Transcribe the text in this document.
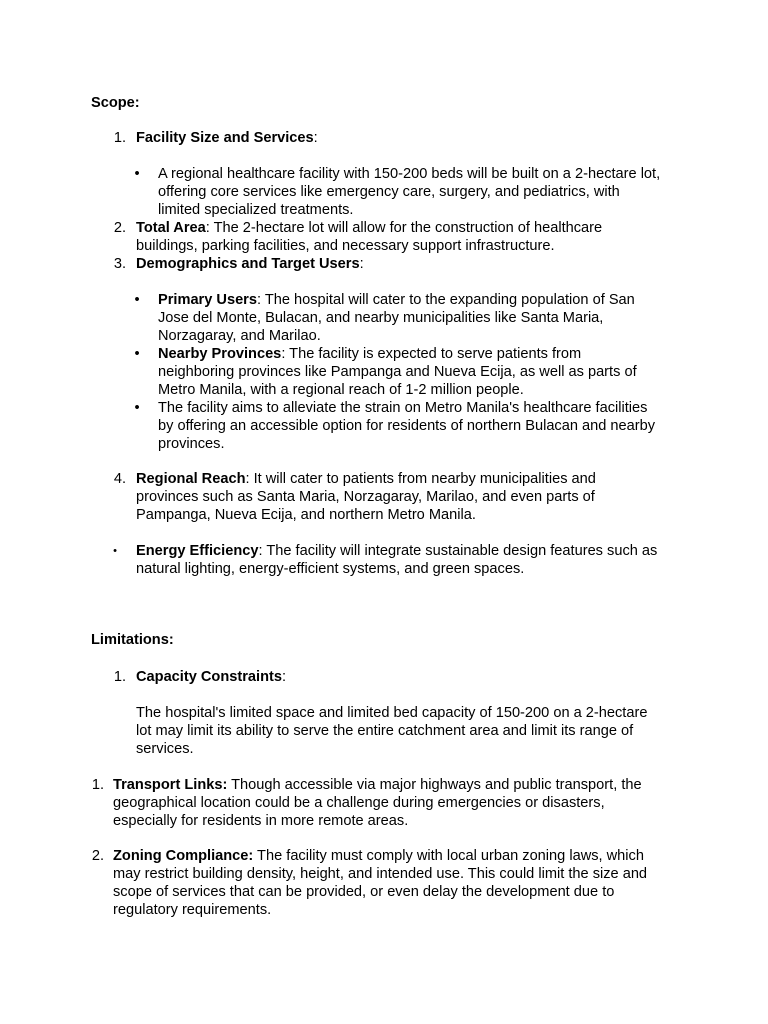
Scope:
1. Facility Size and Services:
• A regional healthcare facility with 150-200 beds will be built on a 2-hectare lot,
offering core services like emergency care, surgery, and pediatrics, with
limited specialized treatments.
2. Total Area: The 2-hectare lot will allow for the construction of healthcare
buildings, parking facilities, and necessary support infrastructure.
3. Demographics and Target Users:
• Primary Users: The hospital will cater to the expanding population of San
Jose del Monte, Bulacan, and nearby municipalities like Santa Maria,
Norzagaray, and Marilao.
• Nearby Provinces: The facility is expected to serve patients from
neighboring provinces like Pampanga and Nueva Ecija, as well as parts of
Metro Manila, with a regional reach of 1-2 million people.
• The facility aims to alleviate the strain on Metro Manila's healthcare facilities
by offering an accessible option for residents of northern Bulacan and nearby
provinces.
4. Regional Reach: It will cater to patients from nearby municipalities and
provinces such as Santa Maria, Norzagaray, Marilao, and even parts of
Pampanga, Nueva Ecija, and northern Metro Manila.
• Energy Efficiency: The facility will integrate sustainable design features such as
natural lighting, energy-efficient systems, and green spaces.
Limitations:
1. Capacity Constraints:
The hospital's limited space and limited bed capacity of 150-200 on a 2-hectare
lot may limit its ability to serve the entire catchment area and limit its range of
services.
1. Transport Links: Though accessible via major highways and public transport, the
geographical location could be a challenge during emergencies or disasters,
especially for residents in more remote areas.
2. Zoning Compliance: The facility must comply with local urban zoning laws, which
may restrict building density, height, and intended use. This could limit the size and
scope of services that can be provided, or even delay the development due to
regulatory requirements.
